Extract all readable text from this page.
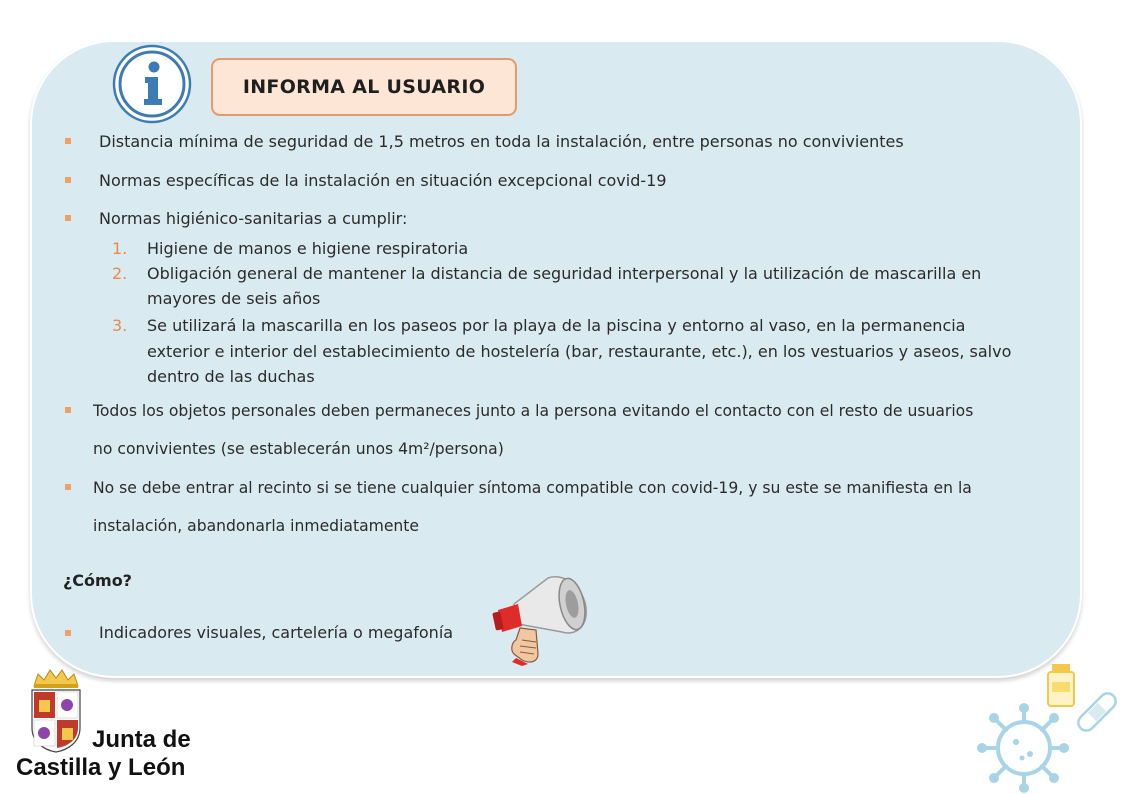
INFORMA AL USUARIO
Distancia mínima de seguridad de 1,5 metros en toda la instalación, entre personas no convivientes
Normas específicas de la instalación en situación excepcional covid-19
Normas higiénico-sanitarias a cumplir:
1. Higiene de manos e higiene respiratoria
2. Obligación general de mantener la distancia de seguridad interpersonal y la utilización de mascarilla en
mayores de seis años
3. Se utilizará la mascarilla en los paseos por la playa de la piscina y entorno al vaso, en la permanencia
exterior e interior del establecimiento de hostelería (bar, restaurante, etc.), en los vestuarios y aseos, salvo
dentro de las duchas
Todos los objetos personales deben permaneces junto a la persona evitando el contacto con el resto de usuarios
no convivientes (se establecerán unos 4m²/persona)
No se debe entrar al recinto si se tiene cualquier síntoma compatible con covid-19, y su este se manifiesta en la
instalación, abandonarla inmediatamente
¿Cómo?
Indicadores visuales, cartelería o megafonía
Junta de
Castilla y León
